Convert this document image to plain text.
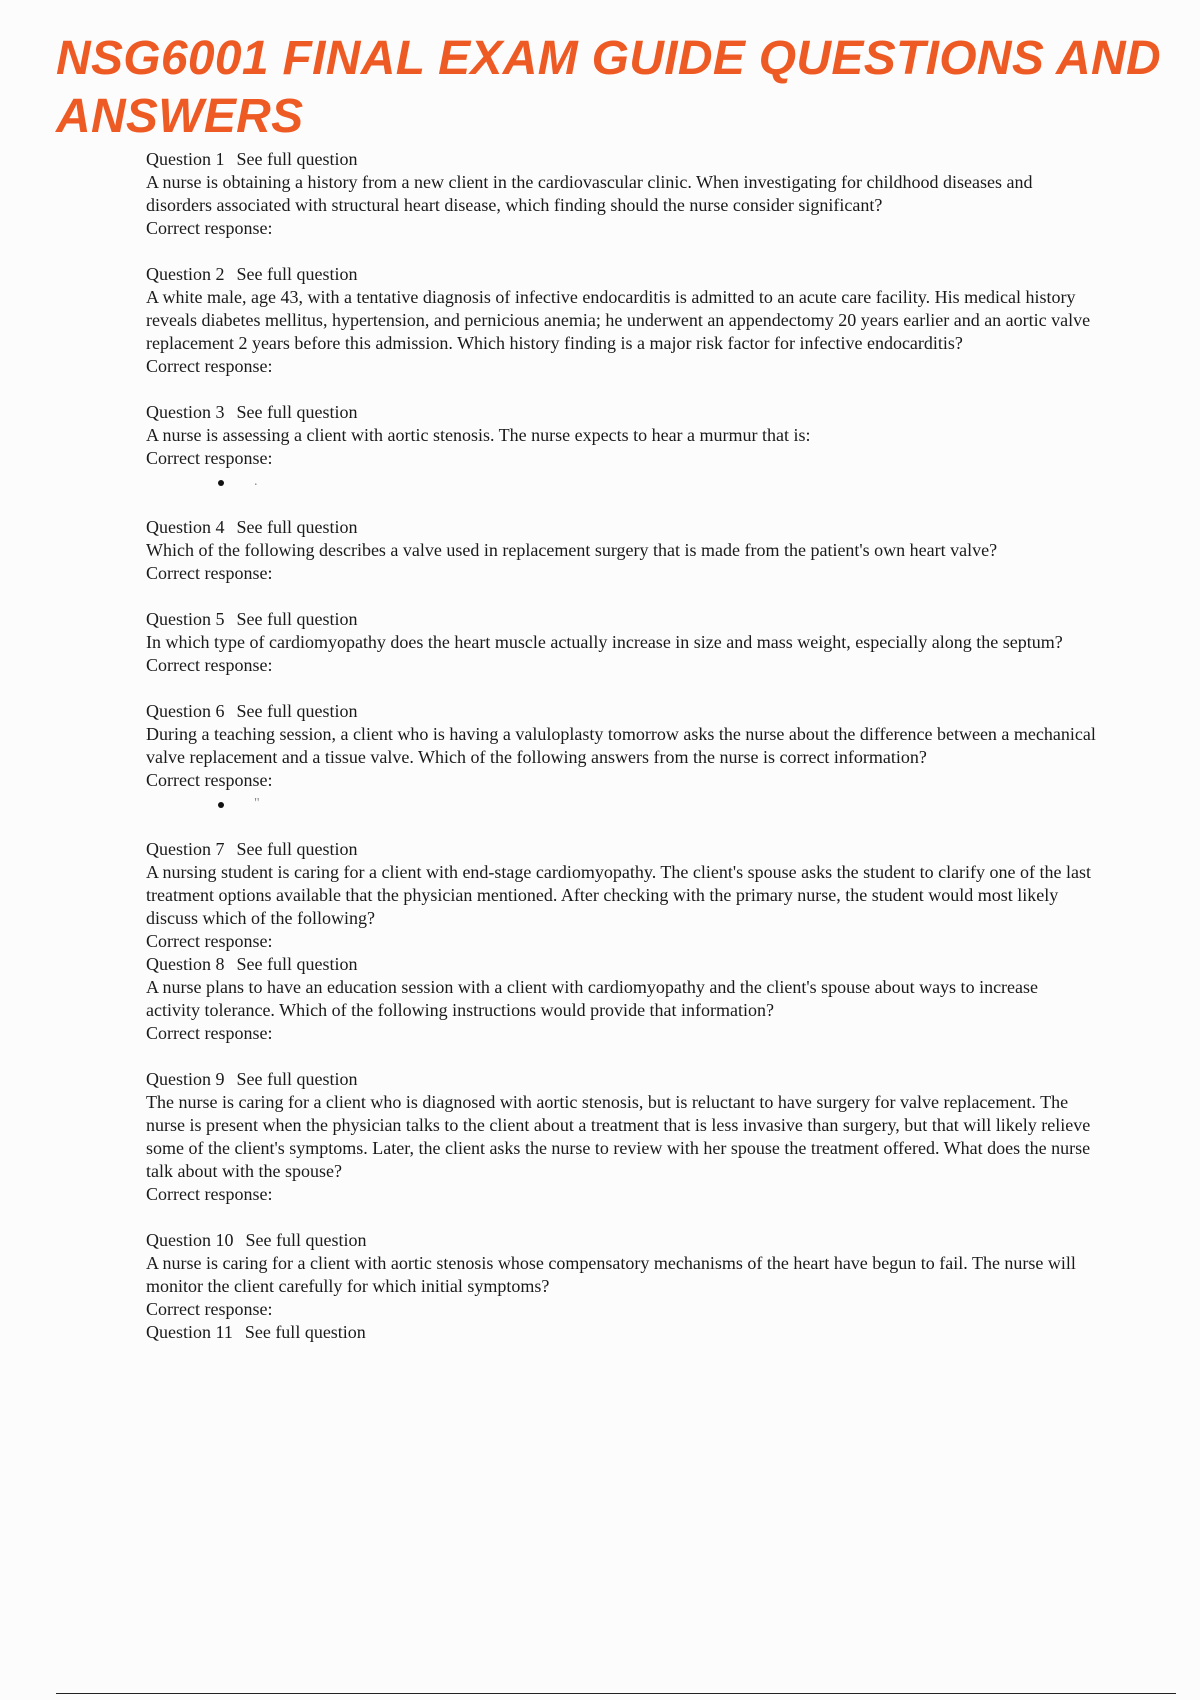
NSG6001 FINAL EXAM GUIDE QUESTIONS AND ANSWERS
Question 1 See full question

A nurse is obtaining a history from a new client in the cardiovascular clinic. When investigating for childhood diseases and disorders associated with structural heart disease, which finding should the nurse consider significant?

Correct response:

Question 2 See full question

A white male, age 43, with a tentative diagnosis of infective endocarditis is admitted to an acute care facility. His medical history reveals diabetes mellitus, hypertension, and pernicious anemia; he underwent an appendectomy 20 years earlier and an aortic valve replacement 2 years before this admission. Which history finding is a major risk factor for infective endocarditis?

Correct response:

Question 3 See full question

A nurse is assessing a client with aortic stenosis. The nurse expects to hear a murmur that is:

Correct response:

.
Question 4 See full question

Which of the following describes a valve used in replacement surgery that is made from the patient's own heart valve?

Correct response:

Question 5 See full question

In which type of cardiomyopathy does the heart muscle actually increase in size and mass weight, especially along the septum?

Correct response:

Question 6 See full question

During a teaching session, a client who is having a valuloplasty tomorrow asks the nurse about the difference between a mechanical valve replacement and a tissue valve. Which of the following answers from the nurse is correct information?

Correct response:

"
Question 7 See full question

A nursing student is caring for a client with end-stage cardiomyopathy. The client's spouse asks the student to clarify one of the last treatment options available that the physician mentioned. After checking with the primary nurse, the student would most likely discuss which of the following?

Correct response:

Question 8 See full question

A nurse plans to have an education session with a client with cardiomyopathy and the client's spouse about ways to increase activity tolerance. Which of the following instructions would provide that information?

Correct response:

Question 9 See full question

The nurse is caring for a client who is diagnosed with aortic stenosis, but is reluctant to have surgery for valve replacement. The nurse is present when the physician talks to the client about a treatment that is less invasive than surgery, but that will likely relieve some of the client's symptoms. Later, the client asks the nurse to review with her spouse the treatment offered. What does the nurse talk about with the spouse?

Correct response:

Question 10 See full question

A nurse is caring for a client with aortic stenosis whose compensatory mechanisms of the heart have begun to fail. The nurse will monitor the client carefully for which initial symptoms?

Correct response:

Question 11 See full question
